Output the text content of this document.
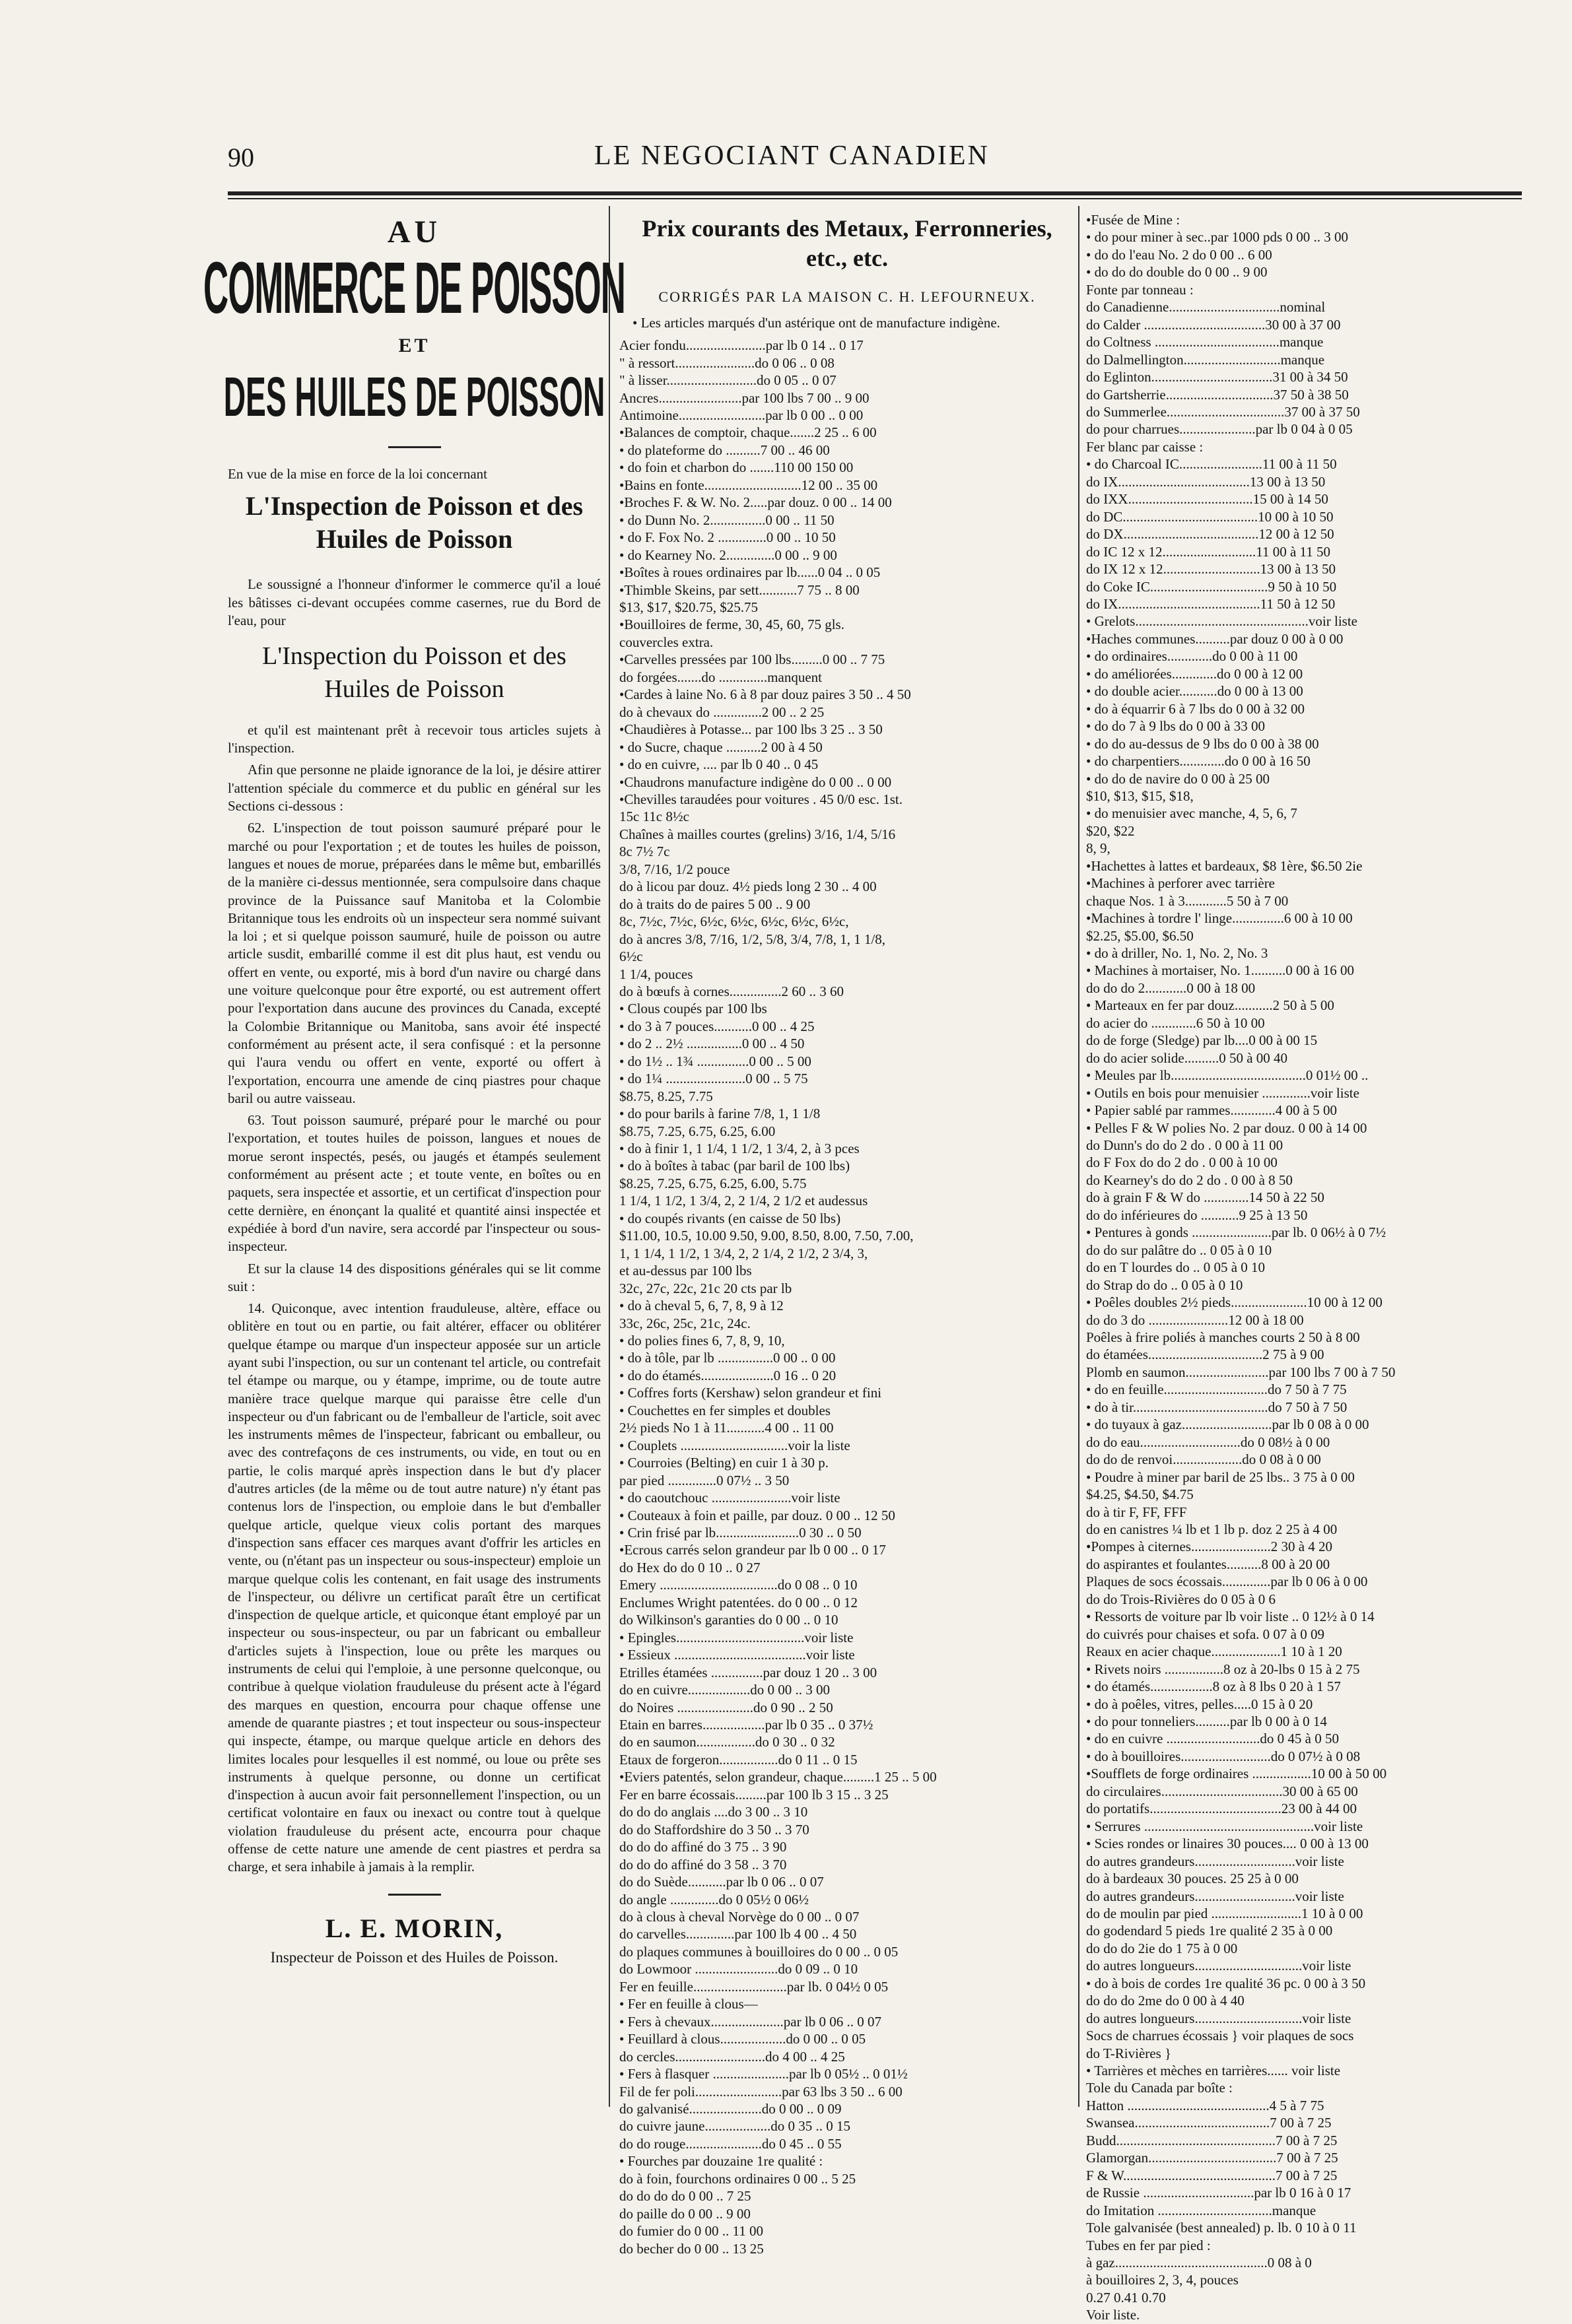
90	LE NEGOCIANT CANADIEN
AU
COMMERCE DE POISSON
ET
DES HUILES DE POISSON
En vue de la mise en force de la loi concernant
L'Inspection de Poisson et des Huiles de Poisson
Le soussigné a l'honneur d'informer le commerce qu'il a loué les bâtisses ci-devant occupées comme casernes, rue du Bord de l'eau, pour
L'Inspection du Poisson et des Huiles de Poisson
et qu'il est maintenant prêt à recevoir tous articles sujets à l'inspection.
Afin que personne ne plaide ignorance de la loi, je désire attirer l'attention spéciale du commerce et du public en général sur les Sections ci-dessous :
62. L'inspection de tout poisson saumuré préparé pour le marché ou pour l'exportation ; et de toutes les huiles de poisson, langues et noues de morue, préparées dans le même but, embarillés de la manière ci-dessus mentionnée, sera compulsoire dans chaque province de la Puissance sauf Manitoba et la Colombie Britannique tous les endroits où un inspecteur sera nommé suivant la loi ; et si quelque poisson saumuré, huile de poisson ou autre article susdit, embarillé comme il est dit plus haut, est vendu ou offert en vente, ou exporté, mis à bord d'un navire ou chargé dans une voiture quelconque pour être exporté, ou est autrement offert pour l'exportation dans aucune des provinces du Canada, excepté la Colombie Britannique ou Manitoba, sans avoir été inspecté conformément au présent acte, il sera confisqué : et la personne qui l'aura vendu ou offert en vente, exporté ou offert à l'exportation, encourra une amende de cinq piastres pour chaque baril ou autre vaisseau.
63. Tout poisson saumuré, préparé pour le marché ou pour l'exportation, et toutes huiles de poisson, langues et noues de morue seront inspectés, pesés, ou jaugés et étampés seulement conformément au présent acte ; et toute vente, en boîtes ou en paquets, sera inspectée et assortie, et un certificat d'inspection pour cette dernière, en énonçant la qualité et quantité ainsi inspectée et expédiée à bord d'un navire, sera accordé par l'inspecteur ou sous-inspecteur.
Et sur la clause 14 des dispositions générales qui se lit comme suit :
14. Quiconque, avec intention frauduleuse, altère, efface ou oblitère en tout ou en partie, ou fait altérer, effacer ou oblitérer quelque étampe ou marque d'un inspecteur apposée sur un article ayant subi l'inspection, ou sur un contenant tel article, ou contrefait tel étampe ou marque, ou y étampe, imprime, ou de toute autre manière trace quelque marque qui paraisse être celle d'un inspecteur ou d'un fabricant ou de l'emballeur de l'article, soit avec les instruments mêmes de l'inspecteur, fabricant ou emballeur, ou avec des contrefaçons de ces instruments, ou vide, en tout ou en partie, le colis marqué après inspection dans le but d'y placer d'autres articles (de la même ou de tout autre nature) n'y étant pas contenus lors de l'inspection, ou emploie dans le but d'emballer quelque article, quelque vieux colis portant des marques d'inspection sans effacer ces marques avant d'offrir les articles en vente, ou (n'étant pas un inspecteur ou sous-inspecteur) emploie un marque quelque colis les contenant, en fait usage des instruments de l'inspecteur, ou délivre un certificat paraît être un certificat d'inspection de quelque article, et quiconque étant employé par un inspecteur ou sous-inspecteur, ou par un fabricant ou emballeur d'articles sujets à l'inspection, loue ou prête les marques ou instruments de celui qui l'emploie, à une personne quelconque, ou contribue à quelque violation frauduleuse du présent acte à l'égard des marques en question, encourra pour chaque offense une amende de quarante piastres ; et tout inspecteur ou sous-inspecteur qui inspecte, étampe, ou marque quelque article en dehors des limites locales pour lesquelles il est nommé, ou loue ou prête ses instruments à quelque personne, ou donne un certificat d'inspection à aucun avoir fait personnellement l'inspection, ou un certificat volontaire en faux ou inexact ou contre tout à quelque violation frauduleuse du présent acte, encourra pour chaque offense de cette nature une amende de cent piastres et perdra sa charge, et sera inhabile à jamais à la remplir.
L. E. MORIN,
Inspecteur de Poisson et des Huiles de Poisson.
Prix courants des Metaux, Ferronneries, etc., etc.
CORRIGÉS PAR LA MAISON C. H. LEFOURNEUX.
• Les articles marqués d'un astérique ont de manufacture indigène.
Acier fondu.......................par lb 0 14 .. 0 17
" à ressort.......................do 0 06 .. 0 08
" à lisser..........................do 0 05 .. 0 07
Ancres........................par 100 lbs 7 00 .. 9 00
Antimoine.........................par lb 0 00 .. 0 00
•Balances de comptoir, chaque.......2 25 .. 6 00
• do plateforme do ..........7 00 .. 46 00
• do foin et charbon do .......110 00 150 00
•Bains en fonte............................12 00 .. 35 00
•Broches F. & W. No. 2.....par douz. 0 00 .. 14 00
• do Dunn No. 2................0 00 .. 11 50
• do F. Fox No. 2 ..............0 00 .. 10 50
• do Kearney No. 2..............0 00 .. 9 00
•Boîtes à roues ordinaires par lb......0 04 .. 0 05
•Thimble Skeins, par sett...........7 75 .. 8 00
$13, $17, $20.75, $25.75
•Bouilloires de ferme, 30, 45, 60, 75 gls.
couvercles extra.
•Carvelles pressées par 100 lbs.........0 00 .. 7 75
do forgées.......do ..............manquent
•Cardes à laine No. 6 à 8 par douz paires 3 50 .. 4 50
do à chevaux do ..............2 00 .. 2 25
•Chaudières à Potasse... par 100 lbs 3 25 .. 3 50
• do Sucre, chaque ..........2 00 à 4 50
• do en cuivre, .... par lb 0 40 .. 0 45
•Chaudrons manufacture indigène do 0 00 .. 0 00
•Chevilles taraudées pour voitures . 45 0/0 esc. 1st.
15c 11c 8½c
Chaînes à mailles courtes (grelins) 3/16, 1/4, 5/16
8c 7½ 7c
3/8, 7/16, 1/2 pouce
do à licou par douz. 4½ pieds long 2 30 .. 4 00
do à traits do de paires 5 00 .. 9 00
8c, 7½c, 7½c, 6½c, 6½c, 6½c, 6½c, 6½c,
do à ancres 3/8, 7/16, 1/2, 5/8, 3/4, 7/8, 1, 1 1/8,
6½c
1 1/4, pouces
do à bœufs à cornes...............2 60 .. 3 60
• Clous coupés par 100 lbs
• do 3 à 7 pouces...........0 00 .. 4 25
• do 2 .. 2½ ................0 00 .. 4 50
• do 1½ .. 1¾ ...............0 00 .. 5 00
• do 1¼ .......................0 00 .. 5 75
$8.75, 8.25, 7.75
• do pour barils à farine 7/8, 1, 1 1/8
$8.75, 7.25, 6.75, 6.25, 6.00
• do à finir 1, 1 1/4, 1 1/2, 1 3/4, 2, à 3 pces
• do à boîtes à tabac (par baril de 100 lbs)
$8.25, 7.25, 6.75, 6.25, 6.00, 5.75
1 1/4, 1 1/2, 1 3/4, 2, 2 1/4, 2 1/2 et audessus
• do coupés rivants (en caisse de 50 lbs)
$11.00, 10.5, 10.00 9.50, 9.00, 8.50, 8.00, 7.50, 7.00,
1, 1 1/4, 1 1/2, 1 3/4, 2, 2 1/4, 2 1/2, 2 3/4, 3,
et au-dessus par 100 lbs
32c, 27c, 22c, 21c 20 cts par lb
• do à cheval 5, 6, 7, 8, 9 à 12
33c, 26c, 25c, 21c, 24c.
• do polies fines 6, 7, 8, 9, 10,
• do à tôle, par lb ................0 00 .. 0 00
• do do étamés.....................0 16 .. 0 20
• Coffres forts (Kershaw) selon grandeur et fini
• Couchettes en fer simples et doubles
2½ pieds No 1 à 11...........4 00 .. 11 00
• Couplets ...............................voir la liste
• Courroies (Belting) en cuir 1 à 30 p.
par pied ..............0 07½ .. 3 50
• do caoutchouc .......................voir liste
• Couteaux à foin et paille, par douz. 0 00 .. 12 50
• Crin frisé par lb........................0 30 .. 0 50
•Ecrous carrés selon grandeur par lb 0 00 .. 0 17
do Hex do do 0 10 .. 0 27
Emery ..................................do 0 08 .. 0 10
Enclumes Wright patentées. do 0 00 .. 0 12
do Wilkinson's garanties do 0 00 .. 0 10
• Epingles.....................................voir liste
• Essieux ......................................voir liste
Etrilles étamées ...............par douz 1 20 .. 3 00
do en cuivre..................do 0 00 .. 3 00
do Noires ......................do 0 90 .. 2 50
Etain en barres..................par lb 0 35 .. 0 37½
do en saumon.................do 0 30 .. 0 32
Etaux de forgeron.................do 0 11 .. 0 15
•Eviers patentés, selon grandeur, chaque.........1 25 .. 5 00
Fer en barre écossais.........par 100 lb 3 15 .. 3 25
do do do anglais ....do 3 00 .. 3 10
do do Staffordshire do 3 50 .. 3 70
do do do affiné do 3 75 .. 3 90
do do do affiné do 3 58 .. 3 70
do do Suède...........par lb 0 06 .. 0 07
do angle ..............do 0 05½ 0 06½
do à clous à cheval Norvège do 0 00 .. 0 07
do carvelles..............par 100 lb 4 00 .. 4 50
do plaques communes à bouilloires do 0 00 .. 0 05
do Lowmoor ........................do 0 09 .. 0 10
Fer en feuille...........................par lb. 0 04½ 0 05
• Fer en feuille à clous—
• Fers à chevaux.....................par lb 0 06 .. 0 07
• Feuillard à clous...................do 0 00 .. 0 05
do cercles..........................do 4 00 .. 4 25
• Fers à flasquer ......................par lb 0 05½ .. 0 01½
Fil de fer poli.........................par 63 lbs 3 50 .. 6 00
do galvanisé.....................do 0 00 .. 0 09
do cuivre jaune...................do 0 35 .. 0 15
do do rouge......................do 0 45 .. 0 55
• Fourches par douzaine 1re qualité :
do à foin, fourchons ordinaires 0 00 .. 5 25
do do do do 0 00 .. 7 25
do paille do 0 00 .. 9 00
do fumier do 0 00 .. 11 00
do becher do 0 00 .. 13 25
•Fusée de Mine :
• do pour miner à sec..par 1000 pds 0 00 .. 3 00
• do do l'eau No. 2 do 0 00 .. 6 00
• do do do double do 0 00 .. 9 00
Fonte par tonneau :
do Canadienne................................nominal
do Calder ...................................30 00 à 37 00
do Coltness ....................................manque
do Dalmellington............................manque
do Eglinton...................................31 00 à 34 50
do Gartsherrie...............................37 50 à 38 50
do Summerlee..................................37 00 à 37 50
do pour charrues......................par lb 0 04 à 0 05
Fer blanc par caisse :
• do Charcoal IC........................11 00 à 11 50
do IX......................................13 00 à 13 50
do IXX....................................15 00 à 14 50
do DC.......................................10 00 à 10 50
do DX.......................................12 00 à 12 50
do IC 12 x 12...........................11 00 à 11 50
do IX 12 x 12............................13 00 à 13 50
do Coke IC..................................9 50 à 10 50
do IX.........................................11 50 à 12 50
• Grelots..................................................voir liste
•Haches communes..........par douz 0 00 à 0 00
• do ordinaires.............do 0 00 à 11 00
• do améliorées.............do 0 00 à 12 00
• do double acier...........do 0 00 à 13 00
• do à équarrir 6 à 7 lbs do 0 00 à 32 00
• do do 7 à 9 lbs do 0 00 à 33 00
• do do au-dessus de 9 lbs do 0 00 à 38 00
• do charpentiers.............do 0 00 à 16 50
• do do de navire do 0 00 à 25 00
$10, $13, $15, $18,
• do menuisier avec manche, 4, 5, 6, 7
$20, $22
8, 9,
•Hachettes à lattes et bardeaux, $8 1ère, $6.50 2ie
•Machines à perforer avec tarrière
chaque Nos. 1 à 3............5 50 à 7 00
•Machines à tordre l' linge...............6 00 à 10 00
$2.25, $5.00, $6.50
• do à driller, No. 1, No. 2, No. 3
• Machines à mortaiser, No. 1..........0 00 à 16 00
do do do 2............0 00 à 18 00
• Marteaux en fer par douz...........2 50 à 5 00
do acier do .............6 50 à 10 00
do de forge (Sledge) par lb....0 00 à 00 15
do do acier solide..........0 50 à 00 40
• Meules par lb.......................................0 01½ 00 ..
• Outils en bois pour menuisier ..............voir liste
• Papier sablé par rammes.............4 00 à 5 00
• Pelles F & W polies No. 2 par douz. 0 00 à 14 00
do Dunn's do do 2 do . 0 00 à 11 00
do F Fox do do 2 do . 0 00 à 10 00
do Kearney's do do 2 do . 0 00 à 8 50
do à grain F & W do .............14 50 à 22 50
do do inférieures do ...........9 25 à 13 50
• Pentures à gonds .......................par lb. 0 06½ à 0 7½
do do sur palâtre do .. 0 05 à 0 10
do en T lourdes do .. 0 05 à 0 10
do Strap do do .. 0 05 à 0 10
• Poêles doubles 2½ pieds......................10 00 à 12 00
do do 3 do .......................12 00 à 18 00
Poêles à frire poliés à manches courts 2 50 à 8 00
do étamées.................................2 75 à 9 00
Plomb en saumon........................par 100 lbs 7 00 à 7 50
• do en feuille..............................do 7 50 à 7 75
• do à tir.......................................do 7 50 à 7 50
• do tuyaux à gaz..........................par lb 0 08 à 0 00
do do eau.............................do 0 08½ à 0 00
do do de renvoi....................do 0 08 à 0 00
• Poudre à miner par baril de 25 lbs.. 3 75 à 0 00
$4.25, $4.50, $4.75
do à tir F, FF, FFF
do en canistres ¼ lb et 1 lb p. doz 2 25 à 4 00
•Pompes à citernes.......................2 30 à 4 20
do aspirantes et foulantes..........8 00 à 20 00
Plaques de socs écossais..............par lb 0 06 à 0 00
do do Trois-Rivières do 0 05 à 0 6
• Ressorts de voiture par lb voir liste .. 0 12½ à 0 14
do cuivrés pour chaises et sofa. 0 07 à 0 09
Reaux en acier chaque....................1 10 à 1 20
• Rivets noirs .................8 oz à 20-lbs 0 15 à 2 75
• do étamés..................8 oz à 8 lbs 0 20 à 1 57
• do à poêles, vitres, pelles.....0 15 à 0 20
• do pour tonneliers..........par lb 0 00 à 0 14
• do en cuivre ...........................do 0 45 à 0 50
• do à bouilloires..........................do 0 07½ à 0 08
•Soufflets de forge ordinaires .................10 00 à 50 00
do circulaires...................................30 00 à 65 00
do portatifs......................................23 00 à 44 00
• Serrures .................................................voir liste
• Scies rondes or linaires 30 pouces.... 0 00 à 13 00
do autres grandeurs.............................voir liste
do à bardeaux 30 pouces. 25 25 à 0 00
do autres grandeurs.............................voir liste
do de moulin par pied ..........................1 10 à 0 00
do godendard 5 pieds 1re qualité 2 35 à 0 00
do do do 2ie do 1 75 à 0 00
do autres longueurs...............................voir liste
• do à bois de cordes 1re qualité 36 pc. 0 00 à 3 50
do do do 2me do 0 00 à 4 40
do autres longueurs...............................voir liste
Socs de charrues écossais } voir plaques de socs
do T-Rivières }
• Tarrières et mèches en tarrières...... voir liste
Tole du Canada par boîte :
Hatton .........................................4 5 à 7 75
Swansea.......................................7 00 à 7 25
Budd..............................................7 00 à 7 25
Glamorgan.....................................7 00 à 7 25
F & W............................................7 00 à 7 25
de Russie ................................par lb 0 16 à 0 17
do Imitation .................................manque
Tole galvanisée (best annealed) p. lb. 0 10 à 0 11
Tubes en fer par pied :
à gaz............................................0 08 à 0
à bouilloires 2, 3, 4, pouces
0.27 0.41 0.70
Voir liste.
